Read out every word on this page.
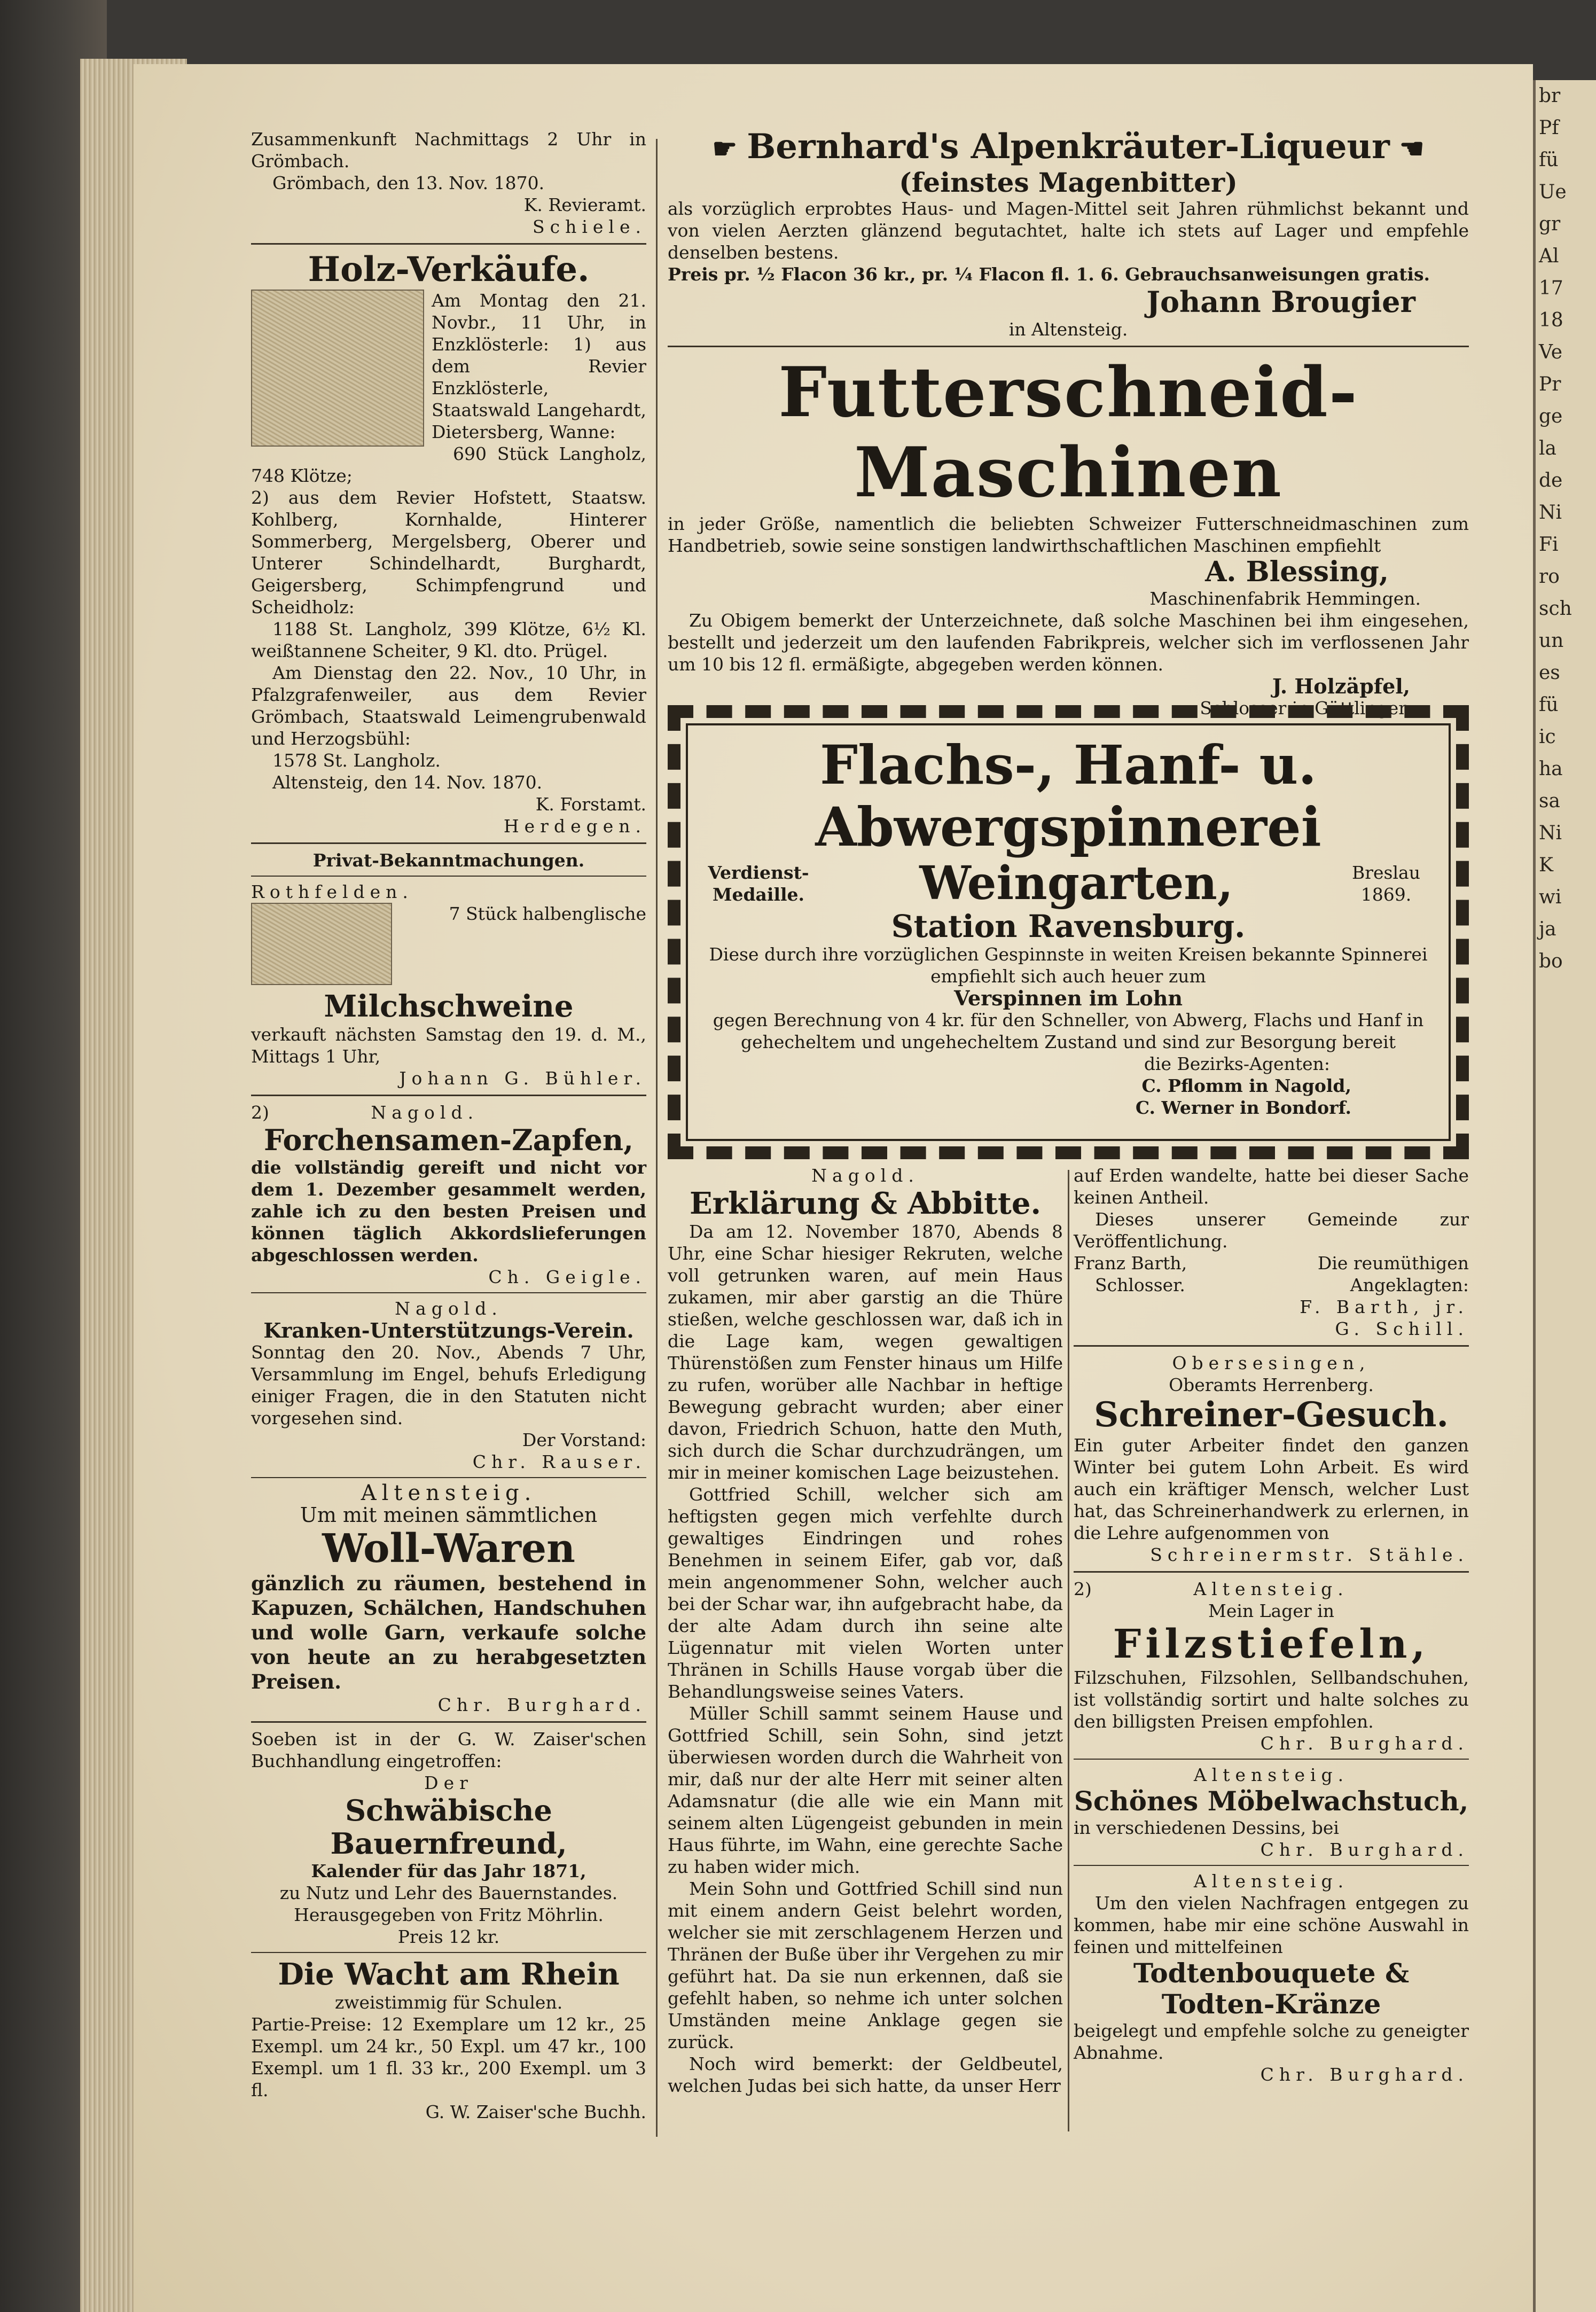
br
Pf
fü
Ue
gr
Al
17
18
Ve
Pr
ge
la
de
Ni
Fi
ro
sch
un
es
fü
ic
ha
sa
Ni
K
wi
ja
bo

Zusammenkunft Nachmittags 2 Uhr in Grömbach.

Grömbach, den 13. Nov. 1870.

K. Revieramt.

Schiele.

Holz-Verkäufe.

Am Montag den 21. Novbr., 11 Uhr, in Enzklösterle: 1) aus dem Revier Enzklösterle, Staatswald Langehardt, Dietersberg, Wanne:

690 Stück Langholz, 748 Klötze;

2) aus dem Revier Hofstett, Staatsw. Kohlberg, Kornhalde, Hinterer Sommerberg, Mergelsberg, Oberer und Unterer Schindelhardt, Burghardt, Geigersberg, Schimpfengrund und Scheidholz:

1188 St. Langholz, 399 Klötze, 6½ Kl. weißtannene Scheiter, 9 Kl. dto. Prügel.

Am Dienstag den 22. Nov., 10 Uhr, in Pfalzgrafenweiler, aus dem Revier Grömbach, Staatswald Leimengrubenwald und Herzogsbühl:

1578 St. Langholz.

Altensteig, den 14. Nov. 1870.

K. Forstamt.

Herdegen.

Privat-Bekanntmachungen.

Rothfelden.

7 Stück halbenglische

Milchschweine

verkauft nächsten Samstag den 19. d. M., Mittags 1 Uhr,

Johann G. Bühler.

2)	Nagold.

Forchensamen-Zapfen,

die vollständig gereift und nicht vor dem 1. Dezember gesammelt werden, zahle ich zu den besten Preisen und können täglich Akkordslieferungen abgeschlossen werden.

Ch. Geigle.

Nagold.

Kranken-Unterstützungs-Verein.

Sonntag den 20. Nov., Abends 7 Uhr, Versammlung im Engel, behufs Erledigung einiger Fragen, die in den Statuten nicht vorgesehen sind.

Der Vorstand:

Chr. Rauser.

Altensteig.

Um mit meinen sämmtlichen

Woll-Waren

gänzlich zu räumen, bestehend in Kapuzen, Schälchen, Handschuhen und wolle Garn, verkaufe solche von heute an zu herabgesetzten Preisen.

Chr. Burghard.

Soeben ist in der G. W. Zaiser'schen Buchhandlung eingetroffen:

Der

Schwäbische Bauernfreund,

Kalender für das Jahr 1871,

zu Nutz und Lehr des Bauernstandes. Herausgegeben von Fritz Möhrlin.

Preis 12 kr.

Die Wacht am Rhein

zweistimmig für Schulen.

Partie-Preise: 12 Exemplare um 12 kr., 25 Exempl. um 24 kr., 50 Expl. um 47 kr., 100 Exempl. um 1 fl. 33 kr., 200 Exempl. um 3 fl.

G. W. Zaiser'sche Buchh.

☛ Bernhard's Alpenkräuter-Liqueur ☚

(feinstes Magenbitter)

als vorzüglich erprobtes Haus- und Magen-Mittel seit Jahren rühmlichst bekannt und von vielen Aerzten glänzend begutachtet, halte ich stets auf Lager und empfehle denselben bestens.

Preis pr. ½ Flacon 36 kr., pr. ¼ Flacon fl. 1. 6. Gebrauchsanweisungen gratis.

Johann Brougier

in Altensteig.

Futterschneid-Maschinen

in jeder Größe, namentlich die beliebten Schweizer Futterschneidmaschinen zum Handbetrieb, sowie seine sonstigen landwirthschaftlichen Maschinen empfiehlt

A. Blessing,

Maschinenfabrik Hemmingen.

Zu Obigem bemerkt der Unterzeichnete, daß solche Maschinen bei ihm eingesehen, bestellt und jederzeit um den laufenden Fabrikpreis, welcher sich im verflossenen Jahr um 10 bis 12 fl. ermäßigte, abgegeben werden können.

J. Holzäpfel,

Schlosser in Güttlingen.

Flachs-, Hanf- u. Abwergspinnerei

Verdienst-Medaille.	Weingarten,	Breslau 1869.

Station Ravensburg.

Diese durch ihre vorzüglichen Gespinnste in weiten Kreisen bekannte Spinnerei empfiehlt sich auch heuer zum

Verspinnen im Lohn

gegen Berechnung von 4 kr. für den Schneller, von Abwerg, Flachs und Hanf in gehecheltem und ungehecheltem Zustand und sind zur Besorgung bereit

die Bezirks-Agenten:

C. Pflomm in Nagold,

C. Werner in Bondorf.

Nagold.

Erklärung & Abbitte.

Da am 12. November 1870, Abends 8 Uhr, eine Schar hiesiger Rekruten, welche voll getrunken waren, auf mein Haus zukamen, mir aber garstig an die Thüre stießen, welche geschlossen war, daß ich in die Lage kam, wegen gewaltigen Thürenstößen zum Fenster hinaus um Hilfe zu rufen, worüber alle Nachbar in heftige Bewegung gebracht wurden; aber einer davon, Friedrich Schuon, hatte den Muth, sich durch die Schar durchzudrängen, um mir in meiner komischen Lage beizustehen.

Gottfried Schill, welcher sich am heftigsten gegen mich verfehlte durch gewaltiges Eindringen und rohes Benehmen in seinem Eifer, gab vor, daß mein angenommener Sohn, welcher auch bei der Schar war, ihn aufgebracht habe, da der alte Adam durch ihn seine alte Lügennatur mit vielen Worten unter Thränen in Schills Hause vorgab über die Behandlungsweise seines Vaters.

Müller Schill sammt seinem Hause und Gottfried Schill, sein Sohn, sind jetzt überwiesen worden durch die Wahrheit von mir, daß nur der alte Herr mit seiner alten Adamsnatur (die alle wie ein Mann mit seinem alten Lügengeist gebunden in mein Haus führte, im Wahn, eine gerechte Sache zu haben wider mich.

Mein Sohn und Gottfried Schill sind nun mit einem andern Geist belehrt worden, welcher sie mit zerschlagenem Herzen und Thränen der Buße über ihr Vergehen zu mir geführt hat. Da sie nun erkennen, daß sie gefehlt haben, so nehme ich unter solchen Umständen meine Anklage gegen sie zurück.

Noch wird bemerkt: der Geldbeutel, welchen Judas bei sich hatte, da unser Herr

auf Erden wandelte, hatte bei dieser Sache keinen Antheil.

Dieses unserer Gemeinde zur Veröffentlichung.

Franz Barth,

Schlosser.

Die reumüthigen

Angeklagten:

F. Barth, jr.

G. Schill.

Obersesingen,

Oberamts Herrenberg.

Schreiner-Gesuch.

Ein guter Arbeiter findet den ganzen Winter bei gutem Lohn Arbeit. Es wird auch ein kräftiger Mensch, welcher Lust hat, das Schreinerhandwerk zu erlernen, in die Lehre aufgenommen von

Schreinermstr. Stähle.

2)	Altensteig.

Mein Lager in

Filzstiefeln,

Filzschuhen, Filzsohlen, Sellbandschuhen, ist vollständig sortirt und halte solches zu den billigsten Preisen empfohlen.

Chr. Burghard.

Altensteig.

Schönes Möbelwachstuch,

in verschiedenen Dessins, bei

Chr. Burghard.

Altensteig.

Um den vielen Nachfragen entgegen zu kommen, habe mir eine schöne Auswahl in feinen und mittelfeinen

Todtenbouquete & Todten-Kränze

beigelegt und empfehle solche zu geneigter Abnahme.

Chr. Burghard.
